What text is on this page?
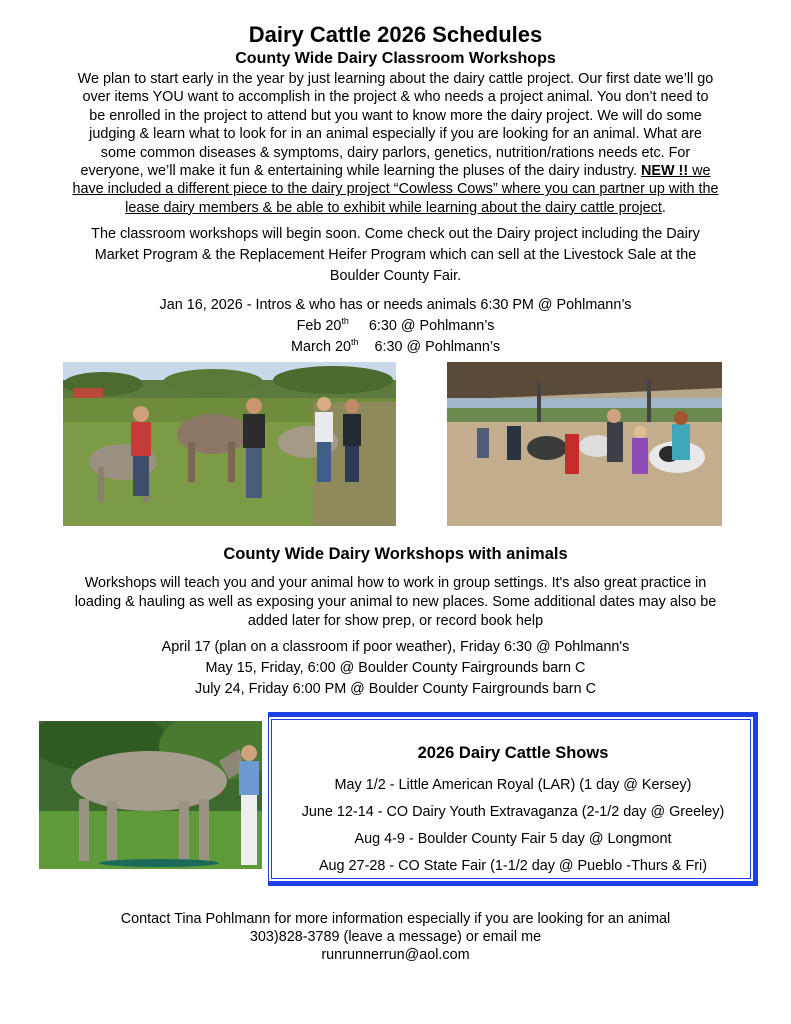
Dairy Cattle 2026 Schedules
County Wide Dairy Classroom Workshops
We plan to start early in the year by just learning about the dairy cattle project. Our first date we’ll go
over items YOU want to accomplish in the project & who needs a project animal. You don’t need to
be enrolled in the project to attend but you want to know more the dairy project. We will do some
judging & learn what to look for in an animal especially if you are looking for an animal. What are
some common diseases & symptoms, dairy parlors, genetics, nutrition/rations needs etc. For
everyone, we’ll make it fun & entertaining while learning the pluses of the dairy industry. NEW !! we
have included a different piece to the dairy project “Cowless Cows” where you can partner up with the
lease dairy members & be able to exhibit while learning about the dairy cattle project.
The classroom workshops will begin soon. Come check out the Dairy project including the Dairy
Market Program & the Replacement Heifer Program which can sell at the Livestock Sale at the
Boulder County Fair.
Jan 16, 2026 - Intros & who has or needs animals 6:30 PM @ Pohlmann’s
Feb 20th 6:30 @ Pohlmann’s
March 20th 6:30 @ Pohlmann’s
County Wide Dairy Workshops with animals
Workshops will teach you and your animal how to work in group settings. It's also great practice in
loading & hauling as well as exposing your animal to new places. Some additional dates may also be
added later for show prep, or record book help
April 17 (plan on a classroom if poor weather), Friday 6:30 @ Pohlmann's
May 15, Friday, 6:00 @ Boulder County Fairgrounds barn C
July 24, Friday 6:00 PM @ Boulder County Fairgrounds barn C
2026 Dairy Cattle Shows
May 1/2 - Little American Royal (LAR) (1 day @ Kersey)
June 12-14 - CO Dairy Youth Extravaganza (2-1/2 day @ Greeley)
Aug 4-9 - Boulder County Fair 5 day @ Longmont
Aug 27-28 - CO State Fair (1-1/2 day @ Pueblo -Thurs & Fri)
Contact Tina Pohlmann for more information especially if you are looking for an animal
303)828-3789 (leave a message) or email me
runrunnerrun@aol.com
